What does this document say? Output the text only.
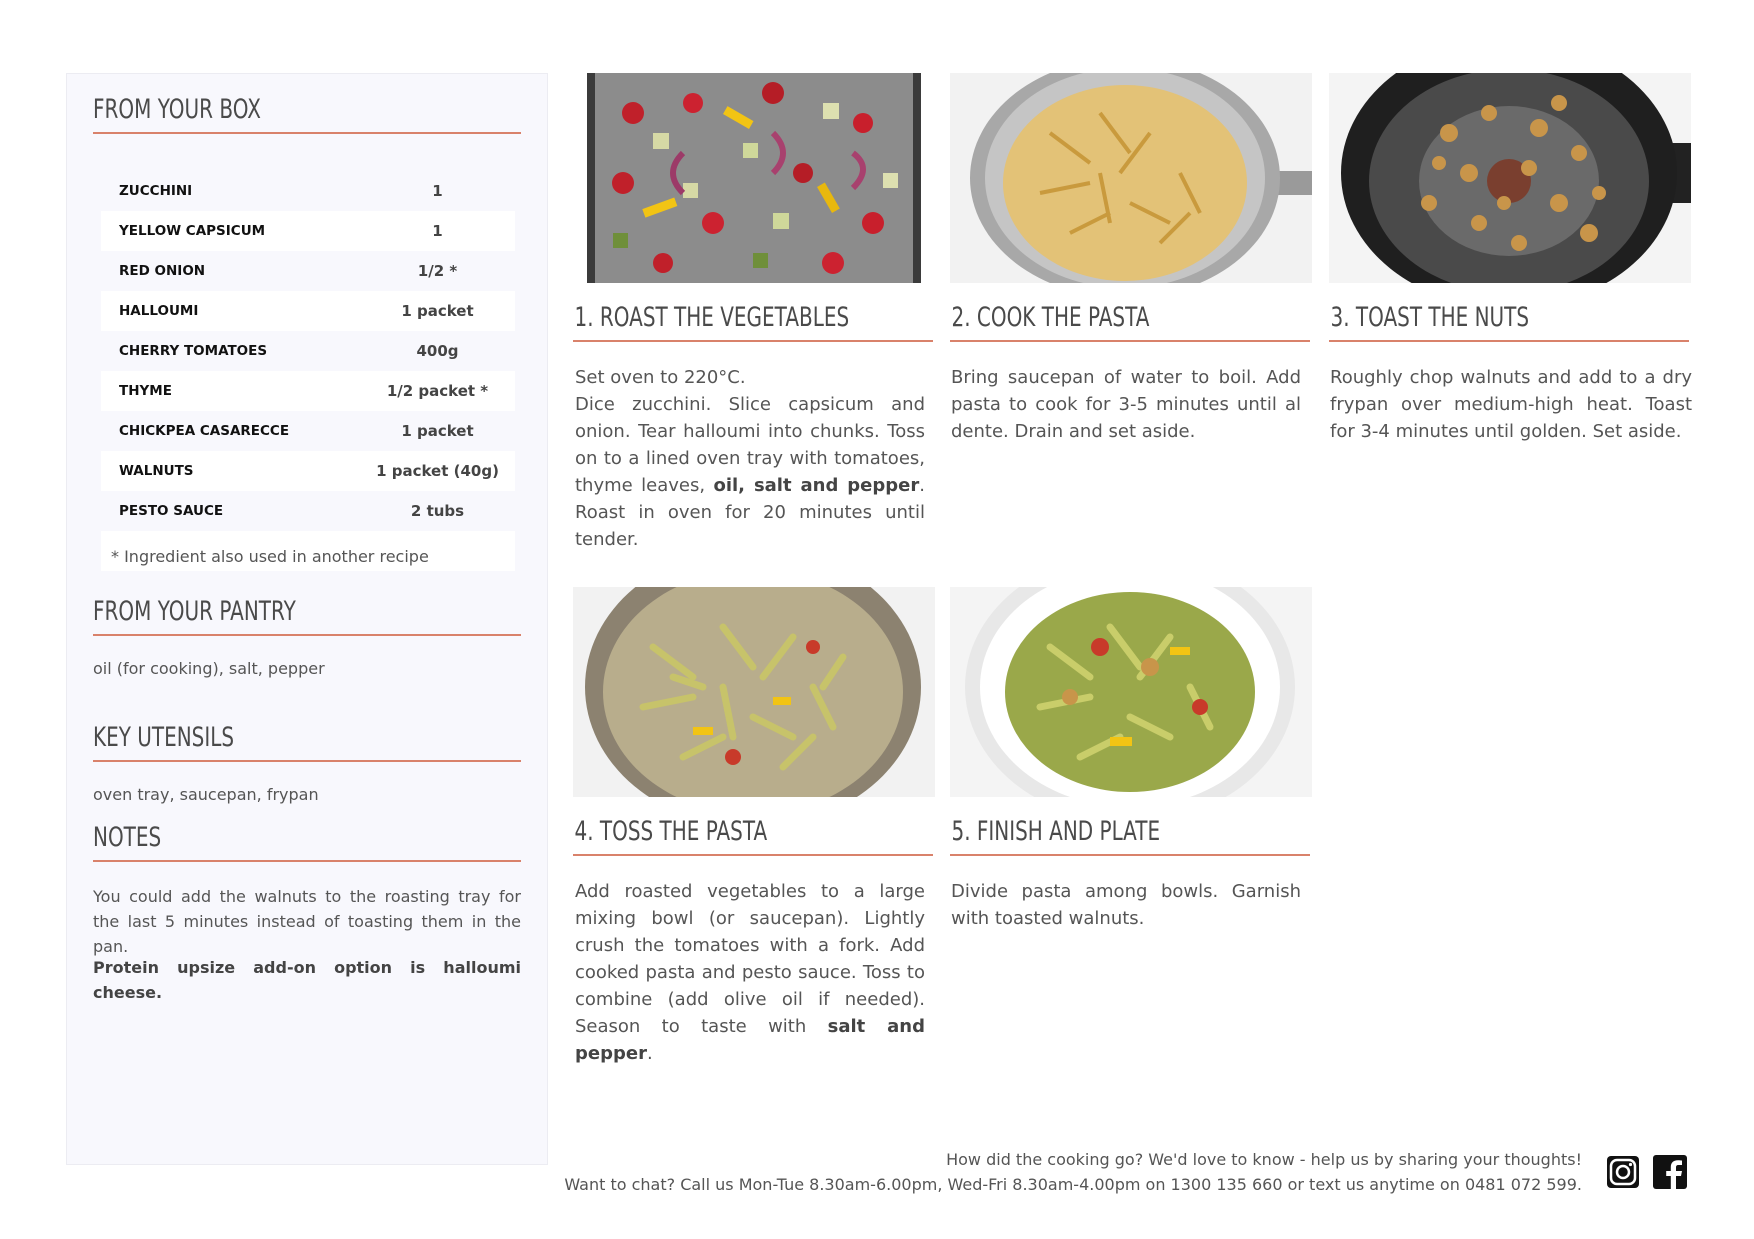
FROM YOUR BOX
ZUCCHINI	1
YELLOW CAPSICUM	1
RED ONION	1/2 *
HALLOUMI	1 packet
CHERRY TOMATOES	400g
THYME	1/2 packet *
CHICKPEA CASARECCE	1 packet
WALNUTS	1 packet (40g)
PESTO SAUCE	2 tubs

* Ingredient also used in another recipe
FROM YOUR PANTRY
oil (for cooking), salt, pepper
KEY UTENSILS
oven tray, saucepan, frypan
NOTES
You could add the walnuts to the roasting tray for the last 5 minutes instead of toasting them in the pan.
Protein upsize add-on option is halloumi cheese.
1. ROAST THE VEGETABLES
Set oven to 220°C.
Dice zucchini. Slice capsicum and onion. Tear halloumi into chunks. Toss on to a lined oven tray with tomatoes, thyme leaves, oil, salt and pepper. Roast in oven for 20 minutes until tender.
2. COOK THE PASTA
Bring saucepan of water to boil. Add pasta to cook for 3-5 minutes until al dente. Drain and set aside.
3. TOAST THE NUTS
Roughly chop walnuts and add to a dry frypan over medium-high heat. Toast for 3-4 minutes until golden. Set aside.
4. TOSS THE PASTA
Add roasted vegetables to a large mixing bowl (or saucepan). Lightly crush the tomatoes with a fork. Add cooked pasta and pesto sauce. Toss to combine (add olive oil if needed). Season to taste with salt and pepper.
5. FINISH AND PLATE
Divide pasta among bowls. Garnish with toasted walnuts.
How did the cooking go? We'd love to know - help us by sharing your thoughts!
Want to chat? Call us Mon-Tue 8.30am-6.00pm, Wed-Fri 8.30am-4.00pm on 1300 135 660 or text us anytime on 0481 072 599.
